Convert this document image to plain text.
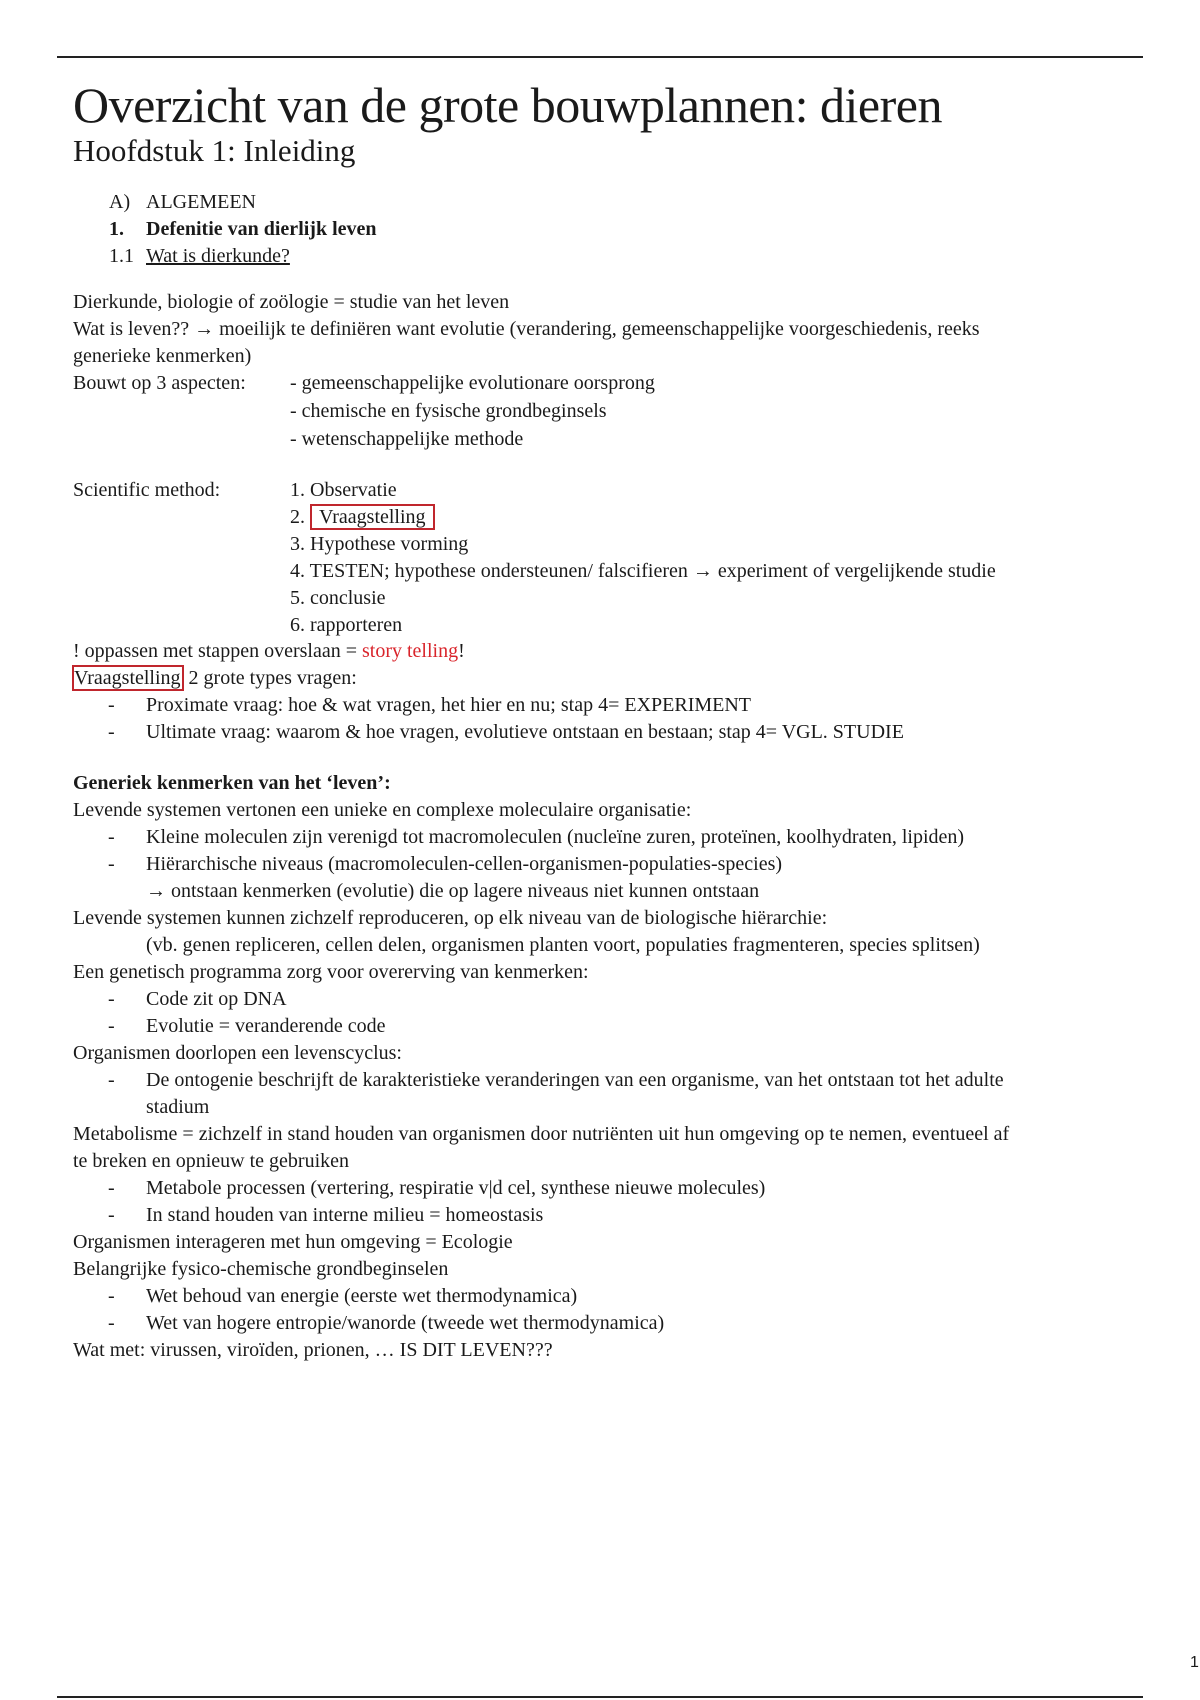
Overzicht van de grote bouwplannen: dieren
Hoofdstuk 1: Inleiding
A) ALGEMEEN
1. Defenitie van dierlijk leven
1.1 Wat is dierkunde?
Dierkunde, biologie of zoölogie = studie van het leven
Wat is leven?? → moeilijk te definiëren want evolutie (verandering, gemeenschappelijke voorgeschiedenis, reeks
generieke kenmerken)
Bouwt op 3 aspecten: - gemeenschappelijke evolutionare oorsprong
- chemische en fysische grondbeginsels
- wetenschappelijke methode
Scientific method:	1. Observatie
2. Vraagstelling
3. Hypothese vorming
4. TESTEN; hypothese ondersteunen/ falscifieren → experiment of vergelijkende studie
5. conclusie
6. rapporteren
! oppassen met stappen overslaan = story telling!
Vraagstelling 2 grote types vragen:
- Proximate vraag: hoe & wat vragen, het hier en nu; stap 4= EXPERIMENT
- Ultimate vraag: waarom & hoe vragen, evolutieve ontstaan en bestaan; stap 4= VGL. STUDIE
Generiek kenmerken van het ‘leven’:
Levende systemen vertonen een unieke en complexe moleculaire organisatie:
- Kleine moleculen zijn verenigd tot macromoleculen (nucleïne zuren, proteïnen, koolhydraten, lipiden)
- Hiërarchische niveaus (macromoleculen-cellen-organismen-populaties-species)
→ ontstaan kenmerken (evolutie) die op lagere niveaus niet kunnen ontstaan
Levende systemen kunnen zichzelf reproduceren, op elk niveau van de biologische hiërarchie:
(vb. genen repliceren, cellen delen, organismen planten voort, populaties fragmenteren, species splitsen)
Een genetisch programma zorg voor overerving van kenmerken:
- Code zit op DNA
- Evolutie = veranderende code
Organismen doorlopen een levenscyclus:
- De ontogenie beschrijft de karakteristieke veranderingen van een organisme, van het ontstaan tot het adulte
stadium
Metabolisme = zichzelf in stand houden van organismen door nutriënten uit hun omgeving op te nemen, eventueel af
te breken en opnieuw te gebruiken
- Metabole processen (vertering, respiratie v|d cel, synthese nieuwe molecules)
- In stand houden van interne milieu = homeostasis
Organismen interageren met hun omgeving = Ecologie
Belangrijke fysico-chemische grondbeginselen
- Wet behoud van energie (eerste wet thermodynamica)
- Wet van hogere entropie/wanorde (tweede wet thermodynamica)
Wat met: virussen, viroïden, prionen, … IS DIT LEVEN???
1
